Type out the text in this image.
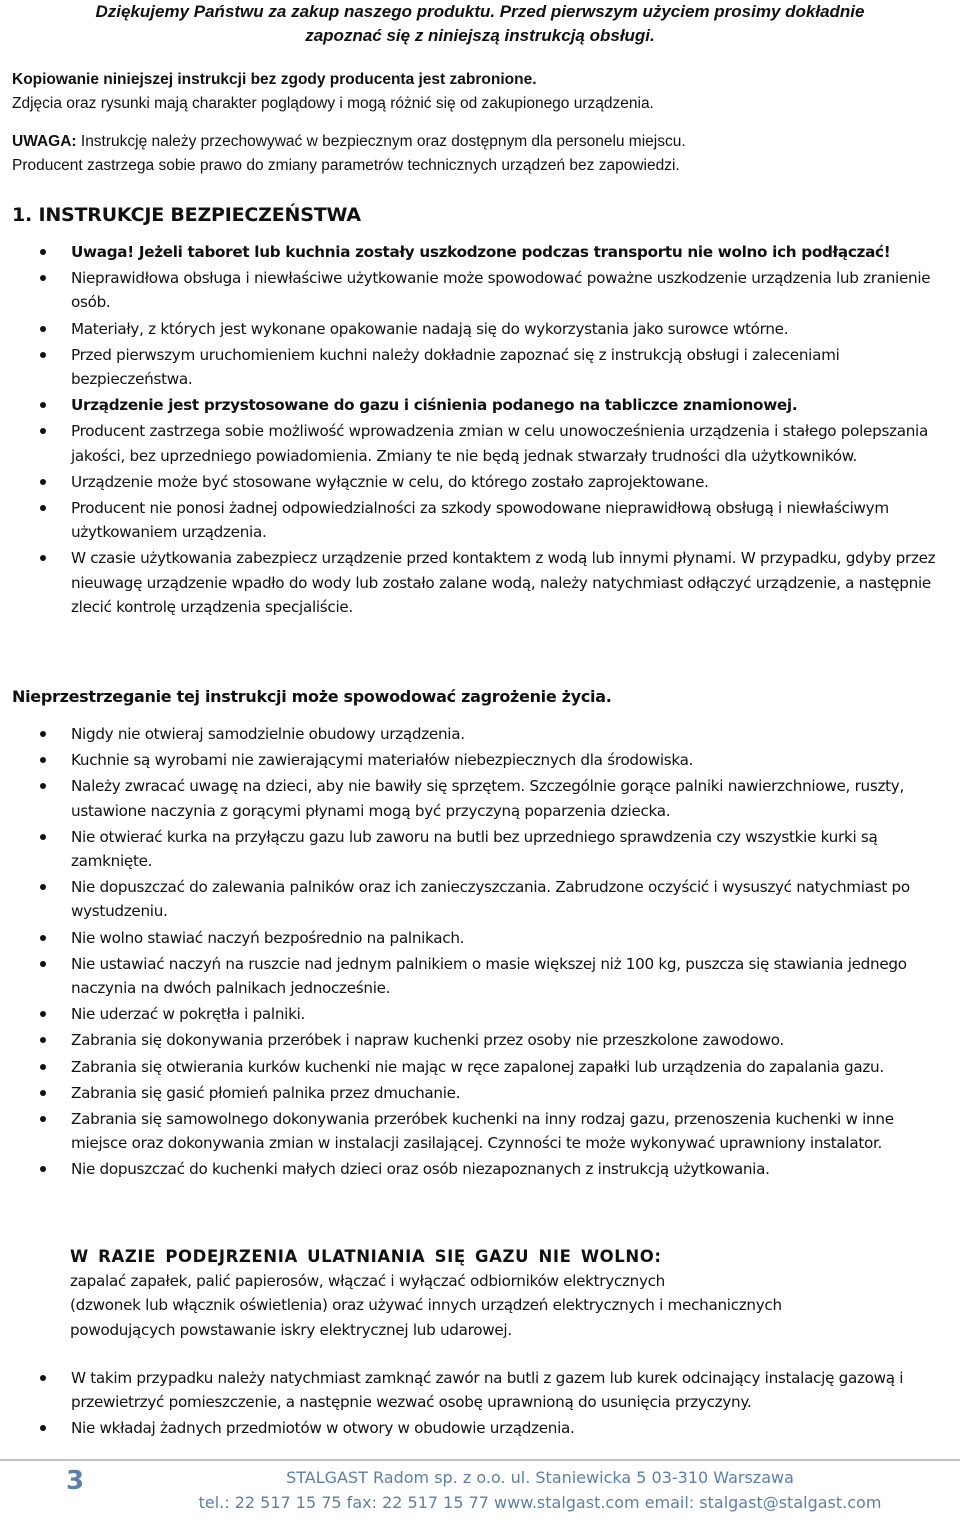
Dziękujemy Państwu za zakup naszego produktu. Przed pierwszym użyciem prosimy dokładnie
zapoznać się z niniejszą instrukcją obsługi.

Kopiowanie niniejszej instrukcji bez zgody producenta jest zabronione.

Zdjęcia oraz rysunki mają charakter poglądowy i mogą różnić się od zakupionego urządzenia.

UWAGA: Instrukcję należy przechowywać w bezpiecznym oraz dostępnym dla personelu miejscu.

Producent zastrzega sobie prawo do zmiany parametrów technicznych urządzeń bez zapowiedzi.

1. INSTRUKCJE BEZPIECZEŃSTWA
Uwaga! Jeżeli taboret lub kuchnia zostały uszkodzone podczas transportu nie wolno ich podłączać!
Nieprawidłowa obsługa i niewłaściwe użytkowanie może spowodować poważne uszkodzenie urządzenia lub zranienie osób.
Materiały, z których jest wykonane opakowanie nadają się do wykorzystania jako surowce wtórne.
Przed pierwszym uruchomieniem kuchni należy dokładnie zapoznać się z instrukcją obsługi i zaleceniami bezpieczeństwa.
Urządzenie jest przystosowane do gazu i ciśnienia podanego na tabliczce znamionowej.
Producent zastrzega sobie możliwość wprowadzenia zmian w celu unowocześnienia urządzenia i stałego polepszania jakości, bez uprzedniego powiadomienia. Zmiany te nie będą jednak stwarzały trudności dla użytkowników.
Urządzenie może być stosowane wyłącznie w celu, do którego zostało zaprojektowane.
Producent nie ponosi żadnej odpowiedzialności za szkody spowodowane nieprawidłową obsługą i niewłaściwym użytkowaniem urządzenia.
W czasie użytkowania zabezpiecz urządzenie przed kontaktem z wodą lub innymi płynami. W przypadku, gdyby przez nieuwagę urządzenie wpadło do wody lub zostało zalane wodą, należy natychmiast odłączyć urządzenie, a następnie zlecić kontrolę urządzenia specjaliście.

Nieprzestrzeganie tej instrukcji może spowodować zagrożenie życia.

Nigdy nie otwieraj samodzielnie obudowy urządzenia.
Kuchnie są wyrobami nie zawierającymi materiałów niebezpiecznych dla środowiska.
Należy zwracać uwagę na dzieci, aby nie bawiły się sprzętem. Szczególnie gorące palniki nawierzchniowe, ruszty, ustawione naczynia z gorącymi płynami mogą być przyczyną poparzenia dziecka.
Nie otwierać kurka na przyłączu gazu lub zaworu na butli bez uprzedniego sprawdzenia czy wszystkie kurki są zamknięte.
Nie dopuszczać do zalewania palników oraz ich zanieczyszczania. Zabrudzone oczyścić i wysuszyć natychmiast po wystudzeniu.
Nie wolno stawiać naczyń bezpośrednio na palnikach.
Nie ustawiać naczyń na ruszcie nad jednym palnikiem o masie większej niż 100 kg, puszcza się stawiania jednego naczynia na dwóch palnikach jednocześnie.
Nie uderzać w pokrętła i palniki.
Zabrania się dokonywania przeróbek i napraw kuchenki przez osoby nie przeszkolone zawodowo.
Zabrania się otwierania kurków kuchenki nie mając w ręce zapalonej zapałki lub urządzenia do zapalania gazu.
Zabrania się gasić płomień palnika przez dmuchanie.
Zabrania się samowolnego dokonywania przeróbek kuchenki na inny rodzaj gazu, przenoszenia kuchenki w inne miejsce oraz dokonywania zmian w instalacji zasilającej. Czynności te może wykonywać uprawniony instalator.
Nie dopuszczać do kuchenki małych dzieci oraz osób niezapoznanych z instrukcją użytkowania.

W RAZIE PODEJRZENIA ULATNIANIA SIĘ GAZU NIE WOLNO:

zapalać zapałek, palić papierosów, włączać i wyłączać odbiorników elektrycznych

(dzwonek lub włącznik oświetlenia) oraz używać innych urządzeń elektrycznych i mechanicznych

powodujących powstawanie iskry elektrycznej lub udarowej.

W takim przypadku należy natychmiast zamknąć zawór na butli z gazem lub kurek odcinający instalację gazową i przewietrzyć pomieszczenie, a następnie wezwać osobę uprawnioną do usunięcia przyczyny.
Nie wkładaj żadnych przedmiotów w otwory w obudowie urządzenia.
3	STALGAST Radom sp. z o.o. ul. Staniewicka 5 03-310 Warszawa
tel.: 22 517 15 75 fax: 22 517 15 77 www.stalgast.com email: stalgast@stalgast.com
